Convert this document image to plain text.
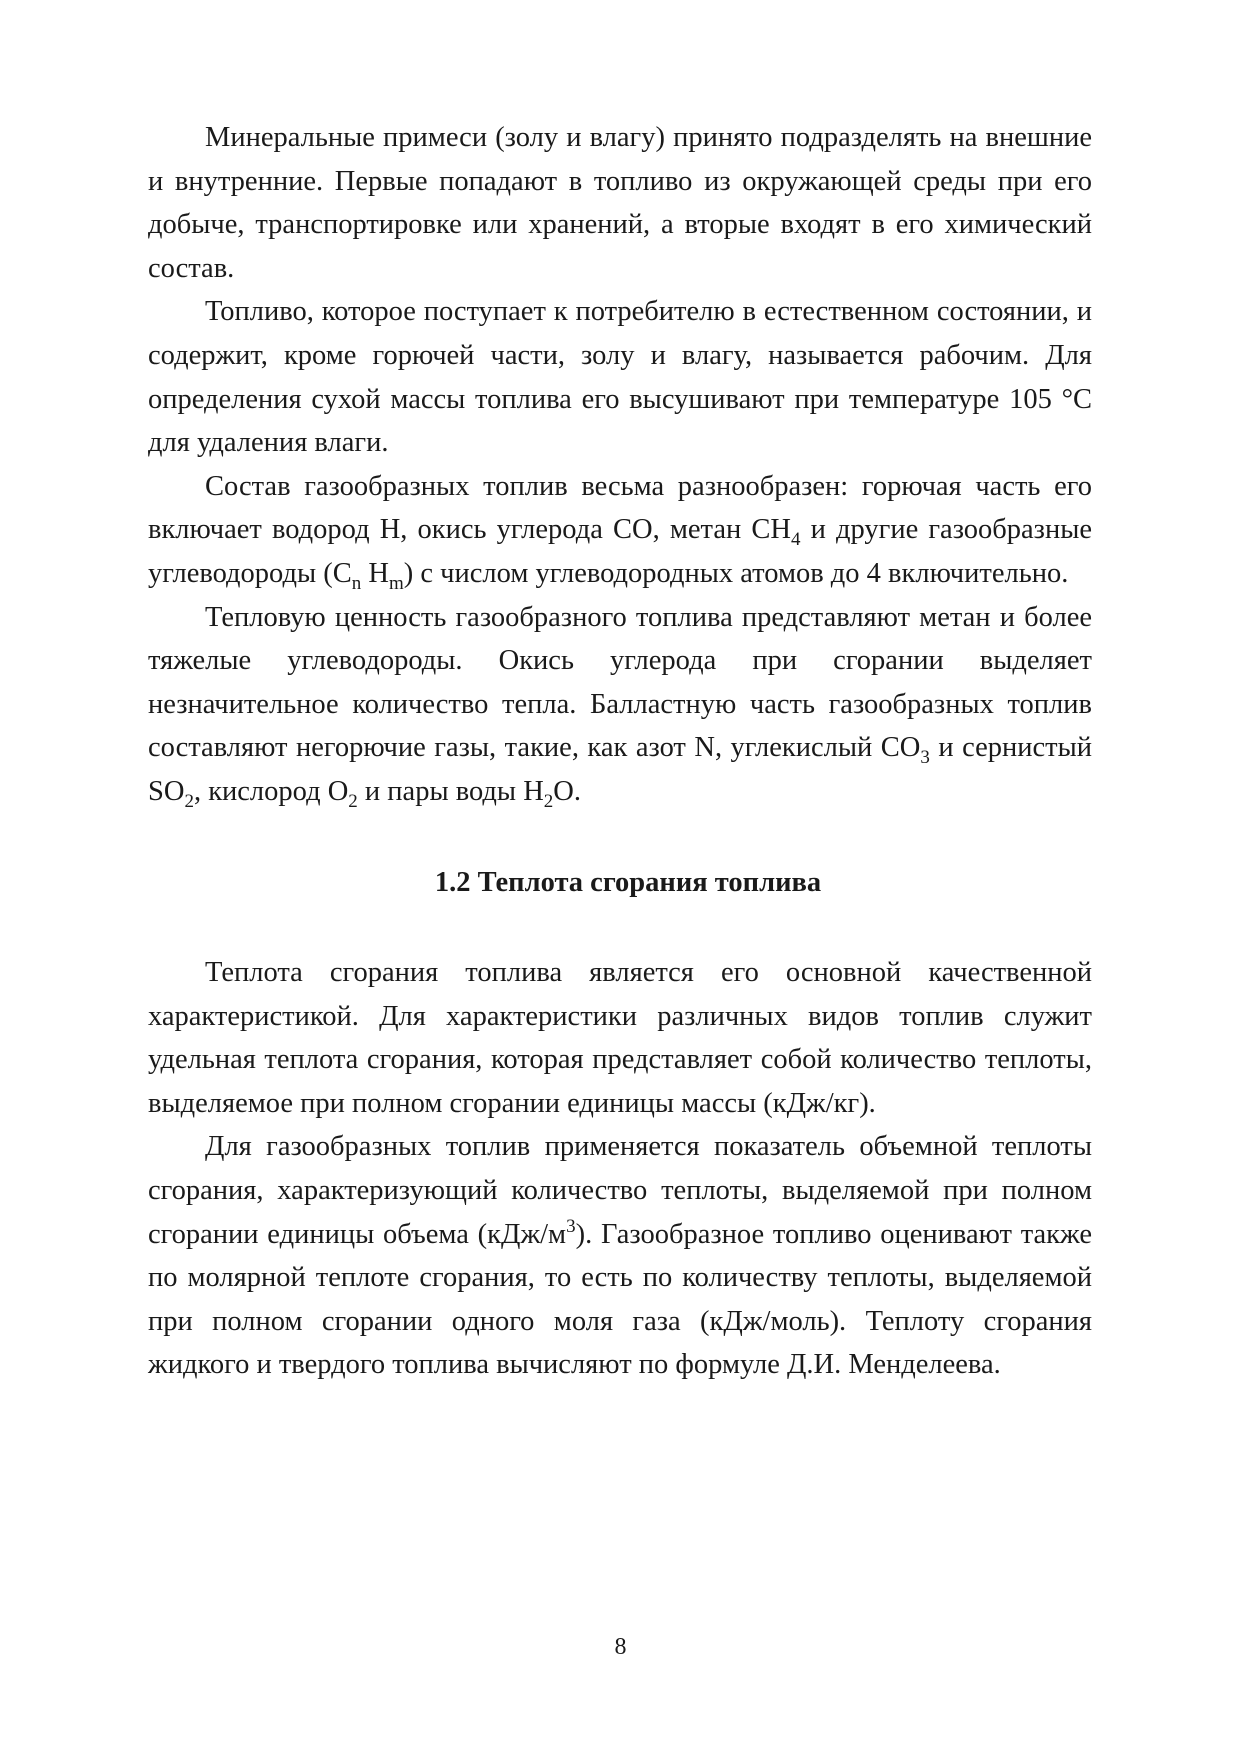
Минеральные примеси (золу и влагу) принято подразделять на внешние и внутренние. Первые попадают в топливо из окружающей среды при его добыче, транспортировке или хранений, а вторые входят в его химический состав.

Топливо, которое поступает к потребителю в естественном состоянии, и содержит, кроме горючей части, золу и влагу, называется рабочим. Для определения сухой массы топлива его высушивают при температуре 105 °С для удаления влаги.

Состав газообразных топлив весьма разнообразен: горючая часть его включает водород Н, окись углерода СО, метан $СН_4$ и другие газообразные углеводороды ($С_n$ $Н_m$) с числом углеводородных атомов до 4 включительно.

Тепловую ценность газообразного топлива представляют метан и более тяжелые углеводороды. Окись углерода при сгорании выделяет незначительное количество тепла. Балластную часть газообразных топлив составляют негорючие газы, такие, как азот N, углекислый $СО_3$ и сернистый $SO_2$, кислород $О_2$ и пары воды $Н_2О$.

1.2 Теплота сгорания топлива

Теплота сгорания топлива является его основной качественной характеристикой. Для характеристики различных видов топлив служит удельная теплота сгорания, которая представляет собой количество теплоты, выделяемое при полном сгорании единицы массы (кДж/кг).

Для газообразных топлив применяется показатель объемной теплоты сгорания, характеризующий количество теплоты, выделяемой при полном сгорании единицы объема $(кДж/м^3)$. Газообразное топливо оценивают также по молярной теплоте сгорания, то есть по количеству теплоты, выделяемой при полном сгорании одного моля газа (кДж/моль). Теплоту сгорания жидкого и твердого топлива вычисляют по формуле Д.И. Менделеева.

8
